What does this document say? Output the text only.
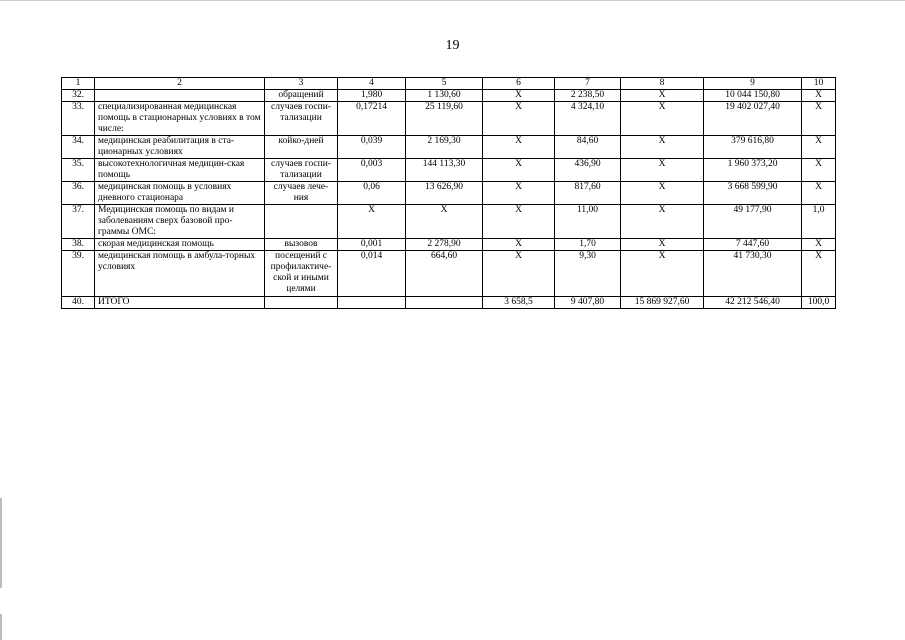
19
1	2	3	4	5	6	7	8	9	10
32.		обращений	1,980	1 130,60	X	2 238,50	X	10 044 150,80	X
33.	специализированная медицинская помощь в стационарных условиях в том числе:	случаев госпи-тализации	0,17214	25 119,60	X	4 324,10	X	19 402 027,40	X
34.	медицинская реабилитация в ста-ционарных условиях	койко-дней	0,039	2 169,30	X	84,60	X	379 616,80	X
35.	высокотехнологичная медицин-ская помощь	случаев госпи-тализации	0,003	144 113,30	X	436,90	X	1 960 373,20	X
36.	медицинская помощь в условиях дневного стационара	случаев лече-ния	0,06	13 626,90	X	817,60	X	3 668 599,90	X
37.	Медицинская помощь по видам и заболеваниям сверх базовой про-граммы ОМС:		X	X	X	11,00	X	49 177,90	1,0
38.	скорая медицинская помощь	вызовов	0,001	2 278,90	X	1,70	X	7 447,60	X
39.	медицинская помощь в амбула-торных условиях	посещений с профилактиче-ской и иными целями	0,014	664,60	X	9,30	X	41 730,30	X
40.	ИТОГО				3 658,5	9 407,80	15 869 927,60	42 212 546,40	100,0
